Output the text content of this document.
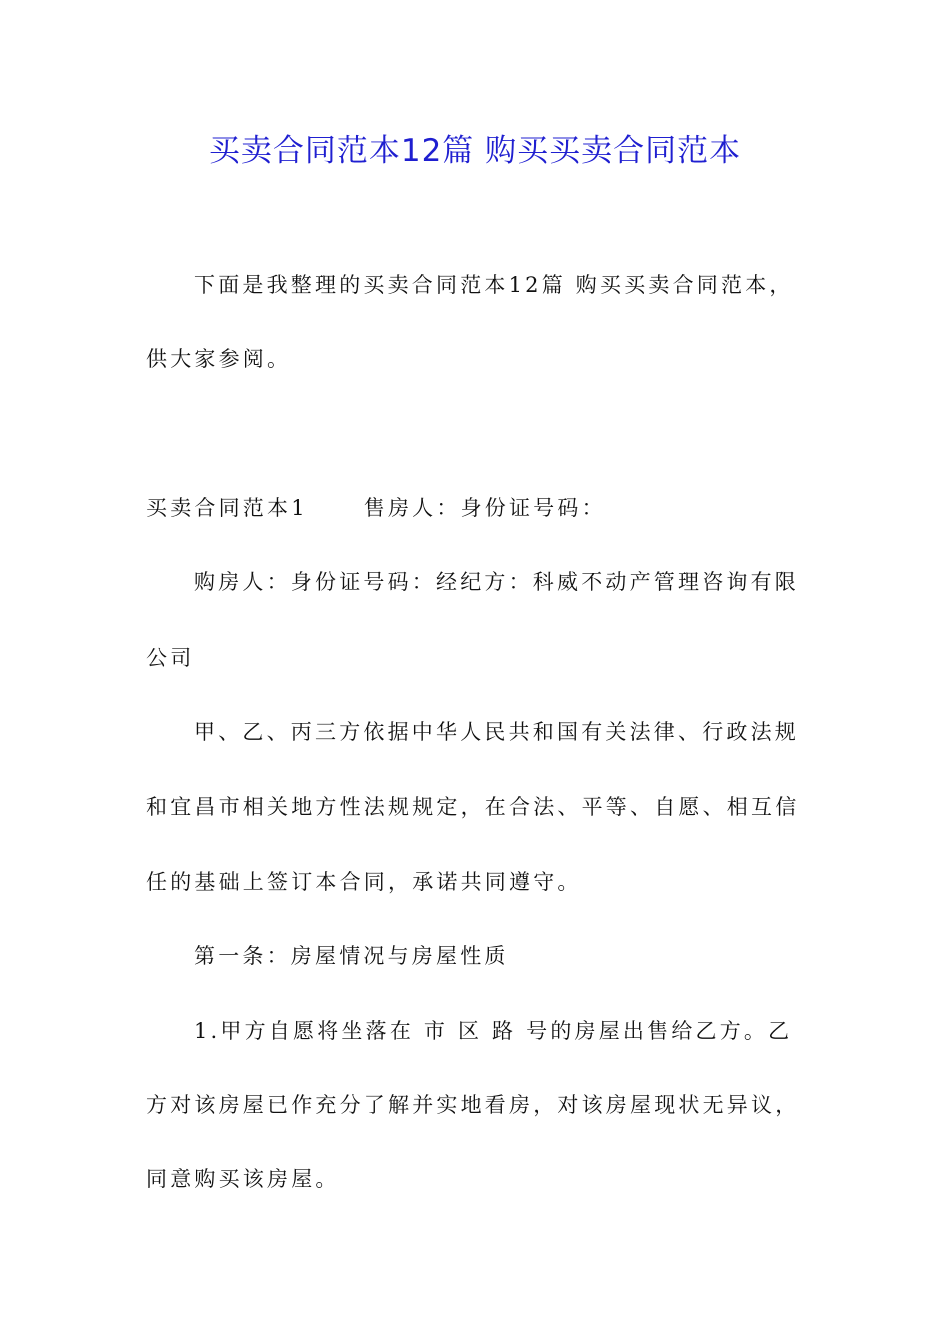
买卖合同范本12篇 购买买卖合同范本
下面是我整理的买卖合同范本12篇 购买买卖合同范本，
供大家参阅。
买卖合同范本1	售房人：身份证号码：
购房人：身份证号码：经纪方：科威不动产管理咨询有限
公司
甲、乙、丙三方依据中华人民共和国有关法律、行政法规
和宜昌市相关地方性法规规定，在合法、平等、自愿、相互信
任的基础上签订本合同，承诺共同遵守。
第一条：房屋情况与房屋性质
1.甲方自愿将坐落在 市 区 路 号的房屋出售给乙方。乙
方对该房屋已作充分了解并实地看房，对该房屋现状无异议，
同意购买该房屋。
